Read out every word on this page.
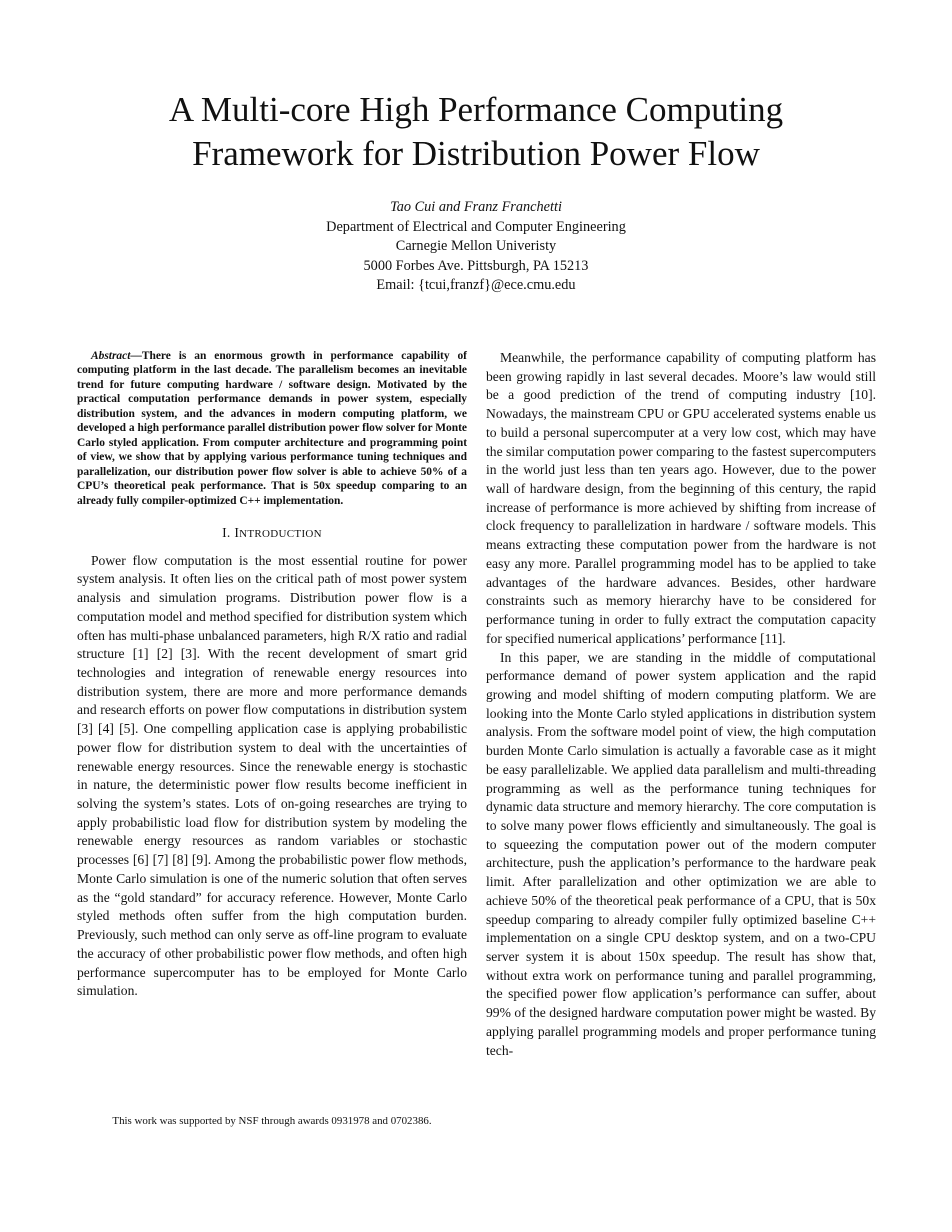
A Multi-core High Performance Computing
Framework for Distribution Power Flow
Tao Cui and Franz Franchetti
Department of Electrical and Computer Engineering
Carnegie Mellon Univeristy
5000 Forbes Ave. Pittsburgh, PA 15213
Email: {tcui,franzf}@ece.cmu.edu

Abstract—There is an enormous growth in performance capability of computing platform in the last decade. The parallelism becomes an inevitable trend for future computing hardware / software design. Motivated by the practical computation performance demands in power system, especially distribution system, and the advances in modern computing platform, we developed a high performance parallel distribution power flow solver for Monte Carlo styled application. From computer architecture and programming point of view, we show that by applying various performance tuning techniques and parallelization, our distribution power flow solver is able to achieve 50% of a CPU’s theoretical peak performance. That is 50x speedup comparing to an already fully compiler-optimized C++ implementation.

I. INTRODUCTION

Power flow computation is the most essential routine for power system analysis. It often lies on the critical path of most power system analysis and simulation programs. Distribution power flow is a computation model and method specified for distribution system which often has multi-phase unbalanced parameters, high R/X ratio and radial structure [1] [2] [3]. With the recent development of smart grid technologies and integration of renewable energy resources into distribution system, there are more and more performance demands and research efforts on power flow computations in distribution system [3] [4] [5]. One compelling application case is applying probabilistic power flow for distribution system to deal with the uncertainties of renewable energy resources. Since the renewable energy is stochastic in nature, the deterministic power flow results become inefficient in solving the system’s states. Lots of on-going researches are trying to apply probabilistic load flow for distribution system by modeling the renewable energy resources as random variables or stochastic processes [6] [7] [8] [9]. Among the probabilistic power flow methods, Monte Carlo simulation is one of the numeric solution that often serves as the “gold standard” for accuracy reference. However, Monte Carlo styled methods often suffer from the high computation burden. Previously, such method can only serve as off-line program to evaluate the accuracy of other probabilistic power flow methods, and often high performance supercomputer has to be employed for Monte Carlo simulation.

This work was supported by NSF through awards 0931978 and 0702386.

Meanwhile, the performance capability of computing platform has been growing rapidly in last several decades. Moore’s law would still be a good prediction of the trend of computing industry [10]. Nowadays, the mainstream CPU or GPU accelerated systems enable us to build a personal supercomputer at a very low cost, which may have the similar computation power comparing to the fastest supercomputers in the world just less than ten years ago. However, due to the power wall of hardware design, from the beginning of this century, the rapid increase of performance is more achieved by shifting from increase of clock frequency to parallelization in hardware / software models. This means extracting these computation power from the hardware is not easy any more. Parallel programming model has to be applied to take advantages of the hardware advances. Besides, other hardware constraints such as memory hierarchy have to be considered for performance tuning in order to fully extract the computation capacity for specified numerical applications’ performance [11].

In this paper, we are standing in the middle of computational performance demand of power system application and the rapid growing and model shifting of modern computing platform. We are looking into the Monte Carlo styled applications in distribution system analysis. From the software model point of view, the high computation burden Monte Carlo simulation is actually a favorable case as it might be easy parallelizable. We applied data parallelism and multi-threading programming as well as the performance tuning techniques for dynamic data structure and memory hierarchy. The core computation is to solve many power flows efficiently and simultaneously. The goal is to squeezing the computation power out of the modern computer architecture, push the application’s performance to the hardware peak limit. After parallelization and other optimization we are able to achieve 50% of the theoretical peak performance of a CPU, that is 50x speedup comparing to already compiler fully optimized baseline C++ implementation on a single CPU desktop system, and on a two-CPU server system it is about 150x speedup. The result has show that, without extra work on performance tuning and parallel programming, the specified power flow application’s performance can suffer, about 99% of the designed hardware computation power might be wasted. By applying parallel programming models and proper performance tuning tech-
